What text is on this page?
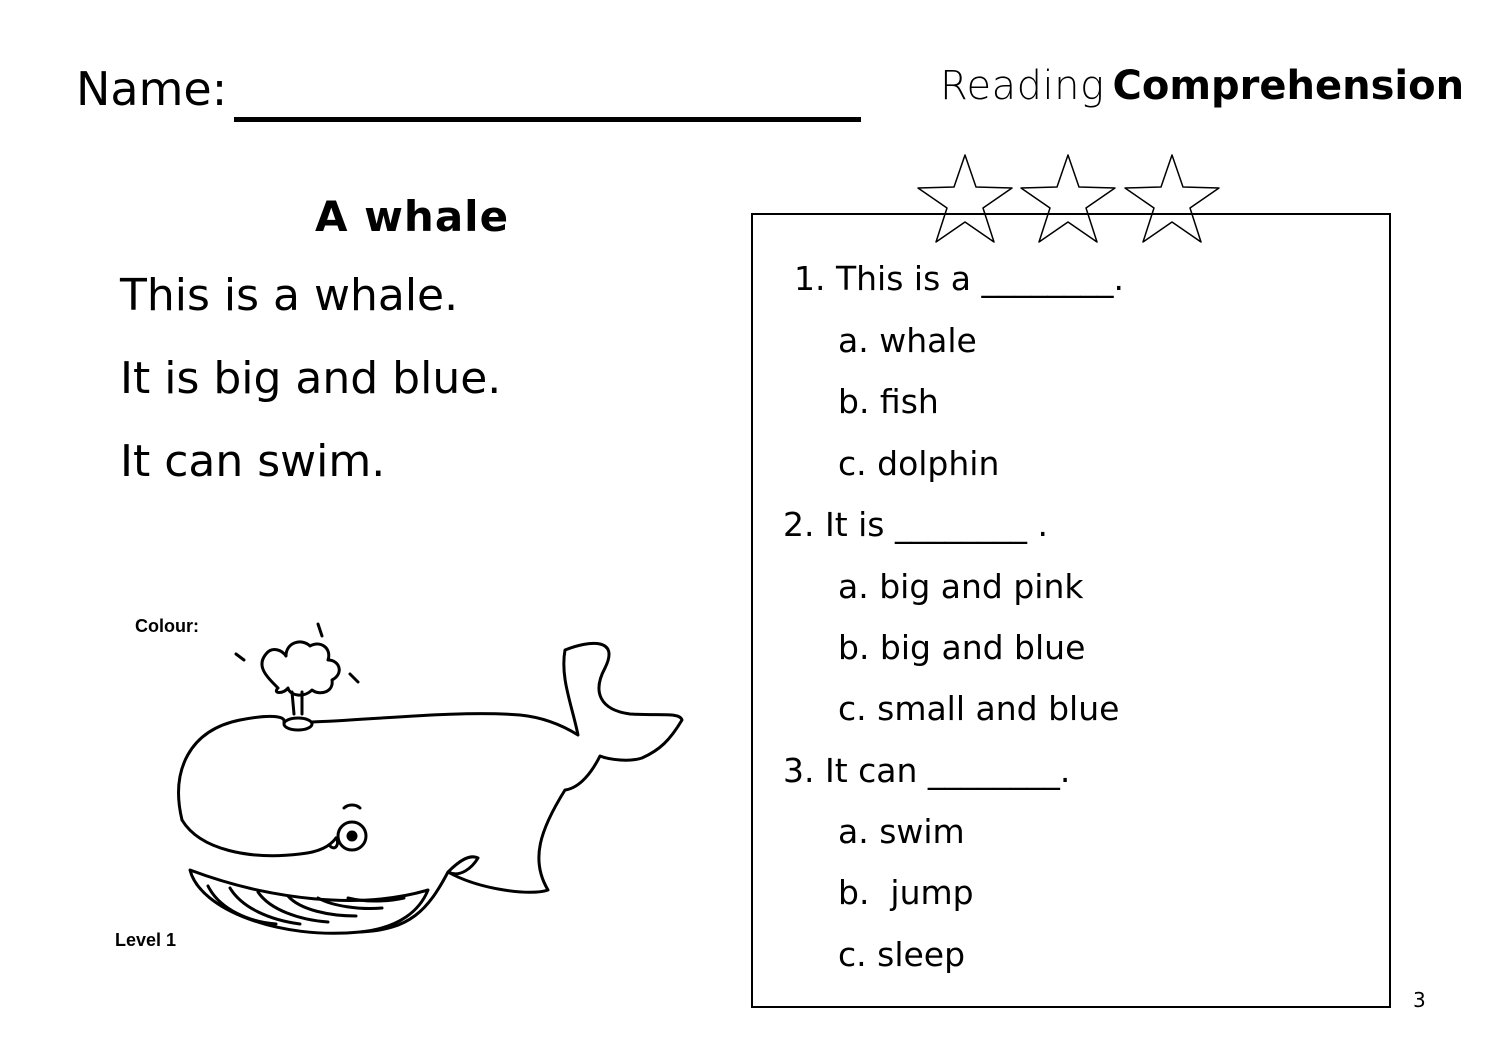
Name:	Reading Comprehension
A whale
This is a whale.
It is big and blue.
It can swim.
Colour:
Level 1
1. This is a ________.
a. whale
b. fish
c. dolphin
2. It is ________ .
a. big and pink
b. big and blue
c. small and blue
3. It can ________.
a. swim
b.  jump
c. sleep
3
